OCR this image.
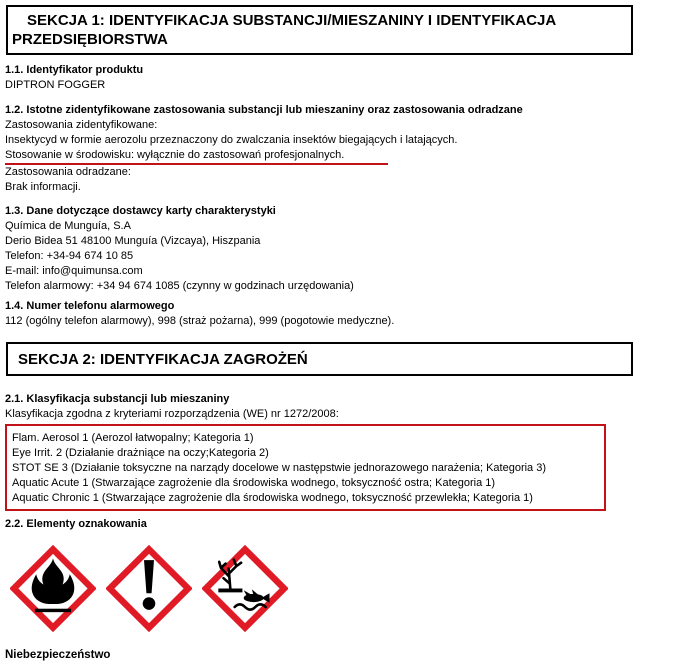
SEKCJA 1: IDENTYFIKACJA SUBSTANCJI/MIESZANINY I IDENTYFIKACJA PRZEDSIĘBIORSTWA

1.1. Identyfikator produktu

DIPTRON FOGGER

1.2. Istotne zidentyfikowane zastosowania substancji lub mieszaniny oraz zastosowania odradzane

Zastosowania zidentyfikowane:

Insektycyd w formie aerozolu przeznaczony do zwalczania insektów biegających i latających.

Stosowanie w środowisku: wyłącznie do zastosowań profesjonalnych.

Zastosowania odradzane:

Brak informacji.

1.3. Dane dotyczące dostawcy karty charakterystyki

Química de Munguía, S.A

Derio Bidea 51 48100 Munguía (Vizcaya), Hiszpania

Telefon: +34-94 674 10 85

E-mail: info@quimunsa.com

Telefon alarmowy: +34 94 674 1085 (czynny w godzinach urzędowania)

1.4. Numer telefonu alarmowego

112 (ogólny telefon alarmowy), 998 (straż pożarna), 999 (pogotowie medyczne).

SEKCJA 2: IDENTYFIKACJA ZAGROŻEŃ

2.1. Klasyfikacja substancji lub mieszaniny

Klasyfikacja zgodna z kryteriami rozporządzenia (WE) nr 1272/2008:

Flam. Aerosol 1 (Aerozol łatwopalny; Kategoria 1)

Eye Irrit. 2 (Działanie drażniące na oczy;Kategoria 2)

STOT SE 3 (Działanie toksyczne na narządy docelowe w następstwie jednorazowego narażenia; Kategoria 3)

Aquatic Acute 1 (Stwarzające zagrożenie dla środowiska wodnego, toksyczność ostra; Kategoria 1)

Aquatic Chronic 1 (Stwarzające zagrożenie dla środowiska wodnego, toksyczność przewlekła; Kategoria 1)

2.2. Elementy oznakowania

Niebezpieczeństwo
